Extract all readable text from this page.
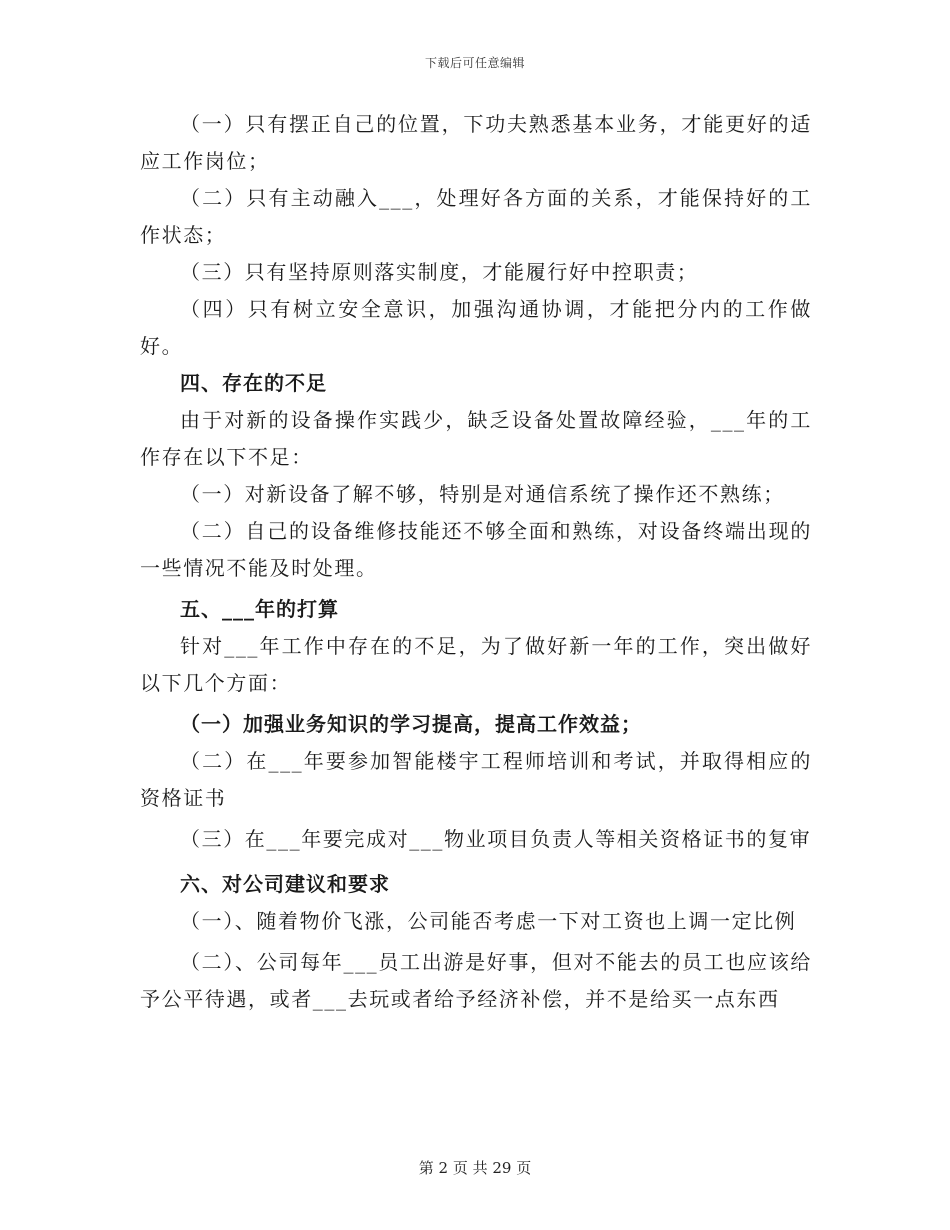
下载后可任意编辑

（一）只有摆正自己的位置，下功夫熟悉基本业务，才能更好的适应工作岗位；

（二）只有主动融入___，处理好各方面的关系，才能保持好的工作状态；

（三）只有坚持原则落实制度，才能履行好中控职责；

（四）只有树立安全意识，加强沟通协调，才能把分内的工作做好。

四、存在的不足

由于对新的设备操作实践少，缺乏设备处置故障经验，___年的工作存在以下不足：

（一）对新设备了解不够，特别是对通信系统了操作还不熟练；

（二）自己的设备维修技能还不够全面和熟练，对设备终端出现的一些情况不能及时处理。

五、___年的打算

针对___年工作中存在的不足，为了做好新一年的工作，突出做好以下几个方面：

（一）加强业务知识的学习提高，提高工作效益；

（二）在___年要参加智能楼宇工程师培训和考试，并取得相应的资格证书

（三）在___年要完成对___物业项目负责人等相关资格证书的复审

六、对公司建议和要求

（一）、随着物价飞涨，公司能否考虑一下对工资也上调一定比例

（二）、公司每年___员工出游是好事，但对不能去的员工也应该给予公平待遇，或者___去玩或者给予经济补偿，并不是给买一点东西

第 2 页 共 29 页
